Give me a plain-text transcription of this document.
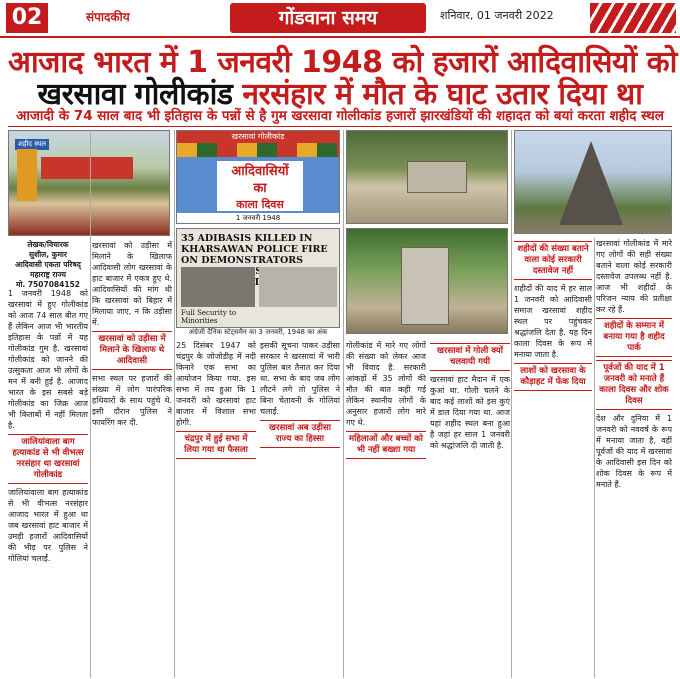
02	संपादकीय	गोंडवाना समय	शनिवार, 01 जनवरी 2022
आजाद भारत में 1 जनवरी 1948 को हजारों आदिवासियों को
खरसावा गोलीकांड नरसंहार में मौत के घाट उतार दिया था
आजादी के 74 साल बाद भी इतिहास के पन्नों से है गुम खरसावा गोलीकांड हजारों झारखंडियों की शहादत को बयां करता शहीद स्थल
शहीद स्थल
खरसावां गोलीकांड
आदिवासियों
का
काला दिवस
1 जनवरी 1948
35 ADIBASIS KILLED IN KHARSAWAN POLICE FIRE ON DEMONSTRATORS
Full Security to Minorities
अंग्रेजी दैनिक स्टेट्समैन का 3 जनवरी, 1948 का अंक
लेखक/विचारक
सुशील, कुमार
आदिवासी एकता परिषद् महाराष्ट्र राज्य
मो. 7507084152
1 जनवरी 1948 को खरसावां में हुए गोलीकांड को आज 74 साल बीत गए हैं लेकिन आज भी भारतीय इतिहास के पन्नों में यह गोलीकांड गुम है. खरसावां गोलीकांड को जानने की उत्सुकता आज भी लोगों के मन में बनी हुई है. आजाद भारत के इस सबसे बड़े गोलीकांड का जिक्र आज भी किताबों में नहीं मिलता है.
जालियांवाला बाग हत्याकांड से भी वीभत्स नरसंहार था खरसावां गोलीकांड
जालियांवाला बाग हत्याकांड से भी वीभत्स नरसंहार आजाद भारत में हुआ था जब खरसावां हाट बाजार में उमड़ी हजारों आदिवासियों की भीड़ पर पुलिस ने गोलियां चलाईं.
खरसावां को उड़ीसा में मिलाने के खिलाफ आदिवासी लोग खरसावां के हाट बाजार में एकत्र हुए थे. आदिवासियों की मांग थी कि खरसावां को बिहार में मिलाया जाए, न कि उड़ीसा में.
खरसावां को उड़ीसा में मिलाने के खिलाफ थे आदिवासी
सभा स्थल पर हजारों की संख्या में लोग पारंपरिक हथियारों के साथ पहुंचे थे. इसी दौरान पुलिस ने फायरिंग कर दी.
25 दिसंबर 1947 को चंद्रपुर के जोजोडीह में नदी किनारे एक सभा का आयोजन किया गया. इस सभा में तय हुआ कि 1 जनवरी को खरसावां हाट बाजार में विशाल सभा होगी.
चंद्रपुर में हुई सभा में लिया गया था फैसला
इसकी सूचना पाकर उड़ीसा सरकार ने खरसावां में भारी पुलिस बल तैनात कर दिया था. सभा के बाद जब लोग लौटने लगे तो पुलिस ने बिना चेतावनी के गोलियां चलाईं.
खरसावां अब उड़ीसा राज्य का हिस्सा
गोलीकांड में मारे गए लोगों की संख्या को लेकर आज भी विवाद है. सरकारी आंकड़ों में 35 लोगों की मौत की बात कही गई लेकिन स्थानीय लोगों के अनुसार हजारों लोग मारे गए थे.
महिलाओं और बच्चों को भी नहीं बख्शा गया
खरसावां में गोली क्यों चलवायी गयी
खरसावां हाट मैदान में एक कुआं था. गोली चलने के बाद कई लाशों को इस कुएं में डाल दिया गया था. आज यहां शहीद स्थल बना हुआ है जहां हर साल 1 जनवरी को श्रद्धांजलि दी जाती है.
शहीदों की संख्या बताने वाला कोई सरकारी दस्तावेज नहीं
शहीदों की याद में हर साल 1 जनवरी को आदिवासी समाज खरसावां शहीद स्थल पर पहुंचकर श्रद्धांजलि देता है. यह दिन काला दिवस के रूप में मनाया जाता है.
लाशों को खरसावा के कौड़ाहट में फेंक दिया
खरसावां गोलीकांड में मारे गए लोगों की सही संख्या बताने वाला कोई सरकारी दस्तावेज उपलब्ध नहीं है. आज भी शहीदों के परिजन न्याय की प्रतीक्षा कर रहे हैं.
शहीदों के सम्मान में बनाया गया है शहीद पार्क
पूर्वजों की याद में 1 जनवरी को मनाते हैं काला दिवस और शोक दिवस
देश और दुनिया में 1 जनवरी को नववर्ष के रूप में मनाया जाता है, वहीं पूर्वजों की याद में खरसावां के आदिवासी इस दिन को शोक दिवस के रूप में मनाते हैं.
